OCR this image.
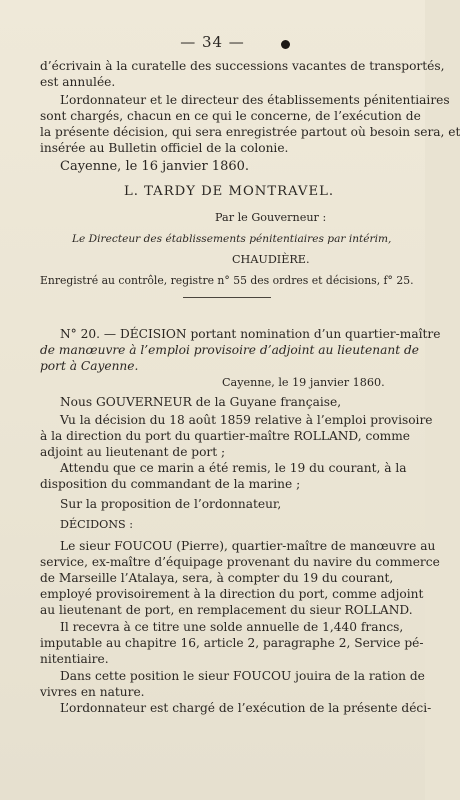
— 34 —
d’écrivain à la curatelle des successions vacantes de transportés,
est annulée.
L’ordonnateur et le directeur des établissements pénitentiaires
sont chargés, chacun en ce qui le concerne, de l’exécution de
la présente décision, qui sera enregistrée partout où besoin sera, et
insérée au Bulletin officiel de la colonie.
Cayenne, le 16 janvier 1860.
L. TARDY DE MONTRAVEL.
Par le Gouverneur :
Le Directeur des établissements pénitentiaires par intérim,
CHAUDIÈRE.
Enregistré au contrôle, registre n° 55 des ordres et décisions, f° 25.
N° 20. — DÉCISION portant nomination d’un quartier-maître
de manœuvre à l’emploi provisoire d’adjoint au lieutenant de
port à Cayenne.
Cayenne, le 19 janvier 1860.
Nous GOUVERNEUR de la Guyane française,
Vu la décision du 18 août 1859 relative à l’emploi provisoire
à la direction du port du quartier-maître ROLLAND, comme
adjoint au lieutenant de port ;
Attendu que ce marin a été remis, le 19 du courant, à la
disposition du commandant de la marine ;
Sur la proposition de l’ordonnateur,
DÉCIDONS :
Le sieur FOUCOU (Pierre), quartier-maître de manœuvre au
service, ex-maître d’équipage provenant du navire du commerce
de Marseille l’Atalaya, sera, à compter du 19 du courant,
employé provisoirement à la direction du port, comme adjoint
au lieutenant de port, en remplacement du sieur ROLLAND.
Il recevra à ce titre une solde annuelle de 1,440 francs,
imputable au chapitre 16, article 2, paragraphe 2, Service pé-
nitentiaire.
Dans cette position le sieur FOUCOU jouira de la ration de
vivres en nature.
L’ordonnateur est chargé de l’exécution de la présente déci-
